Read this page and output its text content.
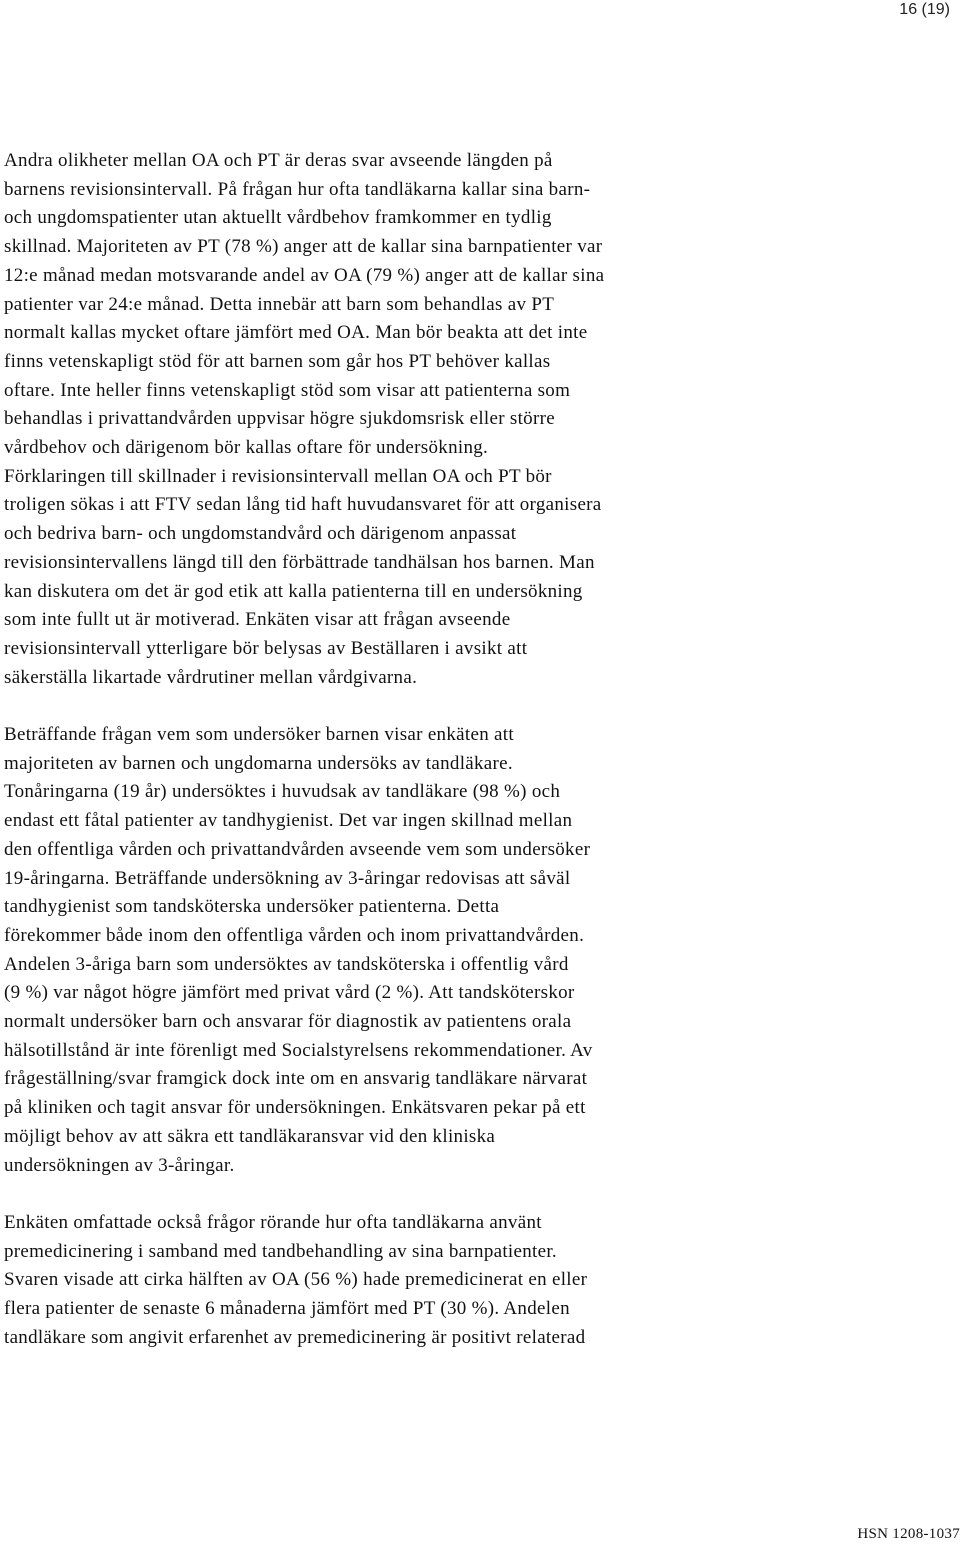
16 (19)
Andra olikheter mellan OA och PT är deras svar avseende längden på
barnens revisionsintervall. På frågan hur ofta tandläkarna kallar sina barn-
och ungdomspatienter utan aktuellt vårdbehov framkommer en tydlig
skillnad. Majoriteten av PT (78 %) anger att de kallar sina barnpatienter var
12:e månad medan motsvarande andel av OA (79 %) anger att de kallar sina
patienter var 24:e månad. Detta innebär att barn som behandlas av PT
normalt kallas mycket oftare jämfört med OA. Man bör beakta att det inte
finns vetenskapligt stöd för att barnen som går hos PT behöver kallas
oftare. Inte heller finns vetenskapligt stöd som visar att patienterna som
behandlas i privattandvården uppvisar högre sjukdomsrisk eller större
vårdbehov och därigenom bör kallas oftare för undersökning.
Förklaringen till skillnader i revisionsintervall mellan OA och PT bör
troligen sökas i att FTV sedan lång tid haft huvudansvaret för att organisera
och bedriva barn- och ungdomstandvård och därigenom anpassat
revisionsintervallens längd till den förbättrade tandhälsan hos barnen. Man
kan diskutera om det är god etik att kalla patienterna till en undersökning
som inte fullt ut är motiverad. Enkäten visar att frågan avseende
revisionsintervall ytterligare bör belysas av Beställaren i avsikt att
säkerställa likartade vårdrutiner mellan vårdgivarna.
Beträffande frågan vem som undersöker barnen visar enkäten att
majoriteten av barnen och ungdomarna undersöks av tandläkare.
Tonåringarna (19 år) undersöktes i huvudsak av tandläkare (98 %) och
endast ett fåtal patienter av tandhygienist. Det var ingen skillnad mellan
den offentliga vården och privattandvården avseende vem som undersöker
19-åringarna. Beträffande undersökning av 3-åringar redovisas att såväl
tandhygienist som tandsköterska undersöker patienterna. Detta
förekommer både inom den offentliga vården och inom privattandvården.
Andelen 3-åriga barn som undersöktes av tandsköterska i offentlig vård
(9 %) var något högre jämfört med privat vård (2 %). Att tandsköterskor
normalt undersöker barn och ansvarar för diagnostik av patientens orala
hälsotillstånd är inte förenligt med Socialstyrelsens rekommendationer. Av
frågeställning/svar framgick dock inte om en ansvarig tandläkare närvarat
på kliniken och tagit ansvar för undersökningen. Enkätsvaren pekar på ett
möjligt behov av att säkra ett tandläkaransvar vid den kliniska
undersökningen av 3-åringar.
Enkäten omfattade också frågor rörande hur ofta tandläkarna använt
premedicinering i samband med tandbehandling av sina barnpatienter.
Svaren visade att cirka hälften av OA (56 %) hade premedicinerat en eller
flera patienter de senaste 6 månaderna jämfört med PT (30 %). Andelen
tandläkare som angivit erfarenhet av premedicinering är positivt relaterad
HSN 1208-1037
